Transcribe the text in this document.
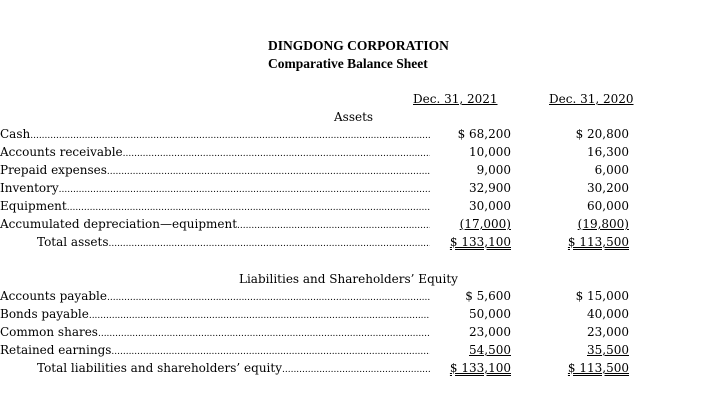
DINGDONG CORPORATION
Comparative Balance Sheet
Dec. 31, 2021	Dec. 31, 2020
Assets
Cash .....	$ 68,200	$ 20,800
Accounts receivable .....	10,000	16,300
Prepaid expenses .....	9,000	6,000
Inventory .....	32,900	30,200
Equipment .....	30,000	60,000
Accumulated depreciation—equipment .....	(17,000)	(19,800)
Total assets .....	$ 133,100	$ 113,500
Liabilities and Shareholders’ Equity
Accounts payable .....	$ 5,600	$ 15,000
Bonds payable .....	50,000	40,000
Common shares .....	23,000	23,000
Retained earnings .....	54,500	35,500
Total liabilities and shareholders’ equity .....	$ 133,100	$ 113,500
